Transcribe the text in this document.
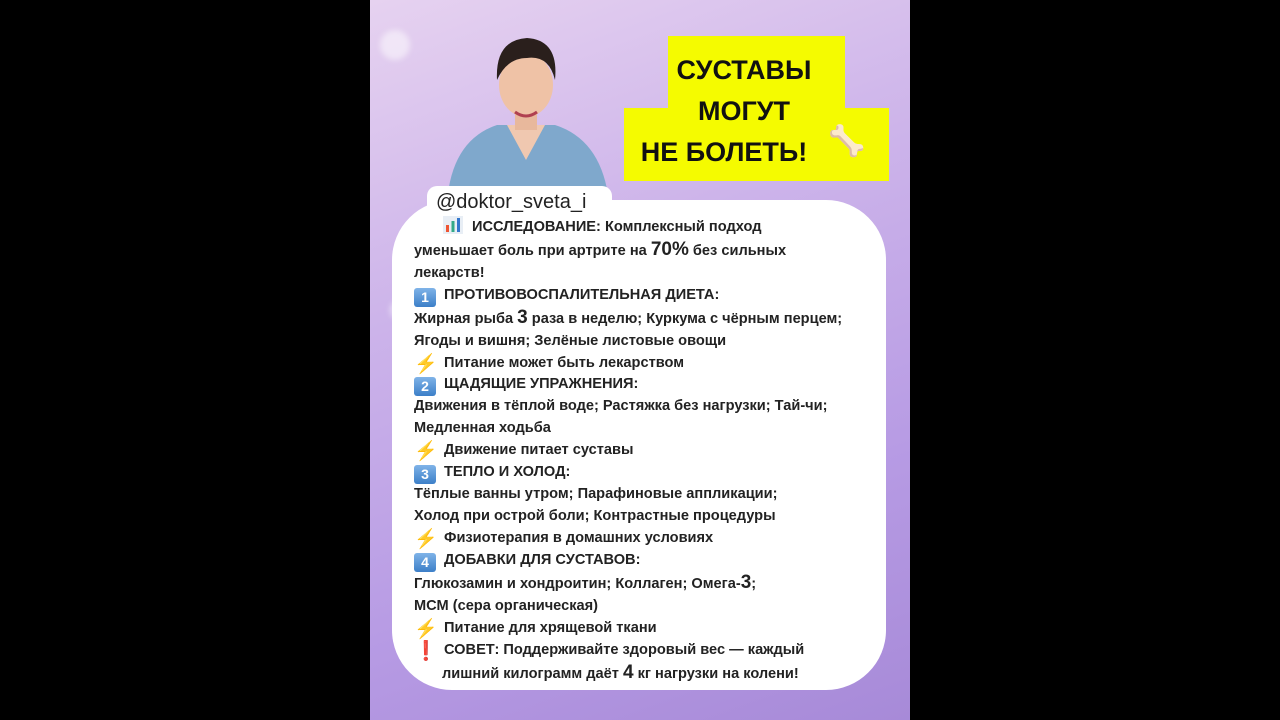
СУСТАВЫ
МОГУТ
НЕ БОЛЕТЬ! 🦴
@doktor_sveta_i
ИССЛЕДОВАНИЕ: Комплексный подход
уменьшает боль при артрите на 70% без сильных
лекарств!
1 ПРОТИВОВОСПАЛИТЕЛЬНАЯ ДИЕТА:
Жирная рыба 3 раза в неделю; Куркума с чёрным перцем;
Ягоды и вишня; Зелёные листовые овощи
⚡ Питание может быть лекарством
2 ЩАДЯЩИЕ УПРАЖНЕНИЯ:
Движения в тёплой воде; Растяжка без нагрузки; Тай-чи;
Медленная ходьба
⚡ Движение питает суставы
3 ТЕПЛО И ХОЛОД:
Тёплые ванны утром; Парафиновые аппликации;
Холод при острой боли; Контрастные процедуры
⚡ Физиотерапия в домашних условиях
4 ДОБАВКИ ДЛЯ СУСТАВОВ:
Глюкозамин и хондроитин; Коллаген; Омега-3;
МСМ (сера органическая)
⚡ Питание для хрящевой ткани
❗ СОВЕТ: Поддерживайте здоровый вес — каждый
лишний килограмм даёт 4 кг нагрузки на колени!
